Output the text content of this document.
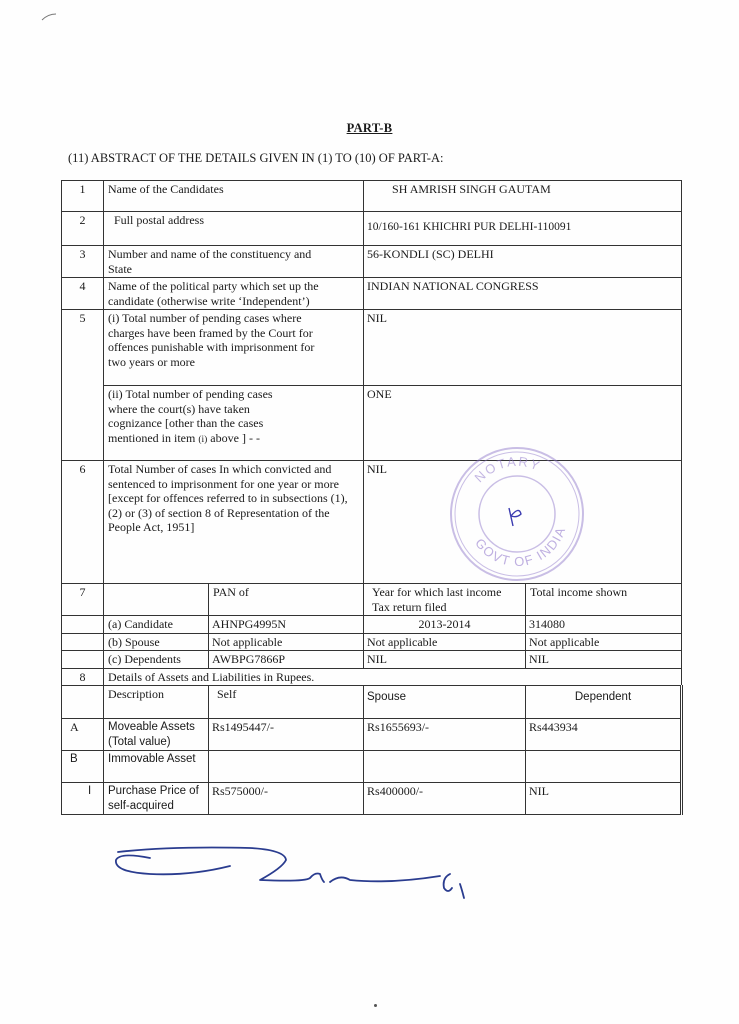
PART-B
(11) ABSTRACT OF THE DETAILS GIVEN IN (1) TO (10) OF PART-A:
1	Name of the Candidates		SH AMRISH SINGH GAUTAM	
2	Full postal address		10/160-161 KHICHRI PUR DELHI-110091	
3	Number and name of the constituency and State		56-KONDLI (SC) DELHI	
4	Name of the political party which set up the candidate (otherwise write ‘Independent’)		INDIAN NATIONAL CONGRESS	
5	(i) Total number of pending cases where charges have been framed by the Court for offences punishable with imprisonment for two years or more		NIL	
	(ii) Total number of pending cases where the court(s) have taken cognizance [other than the cases mentioned in item (i) above ] - -		ONE	
6	Total Number of cases In which convicted and sentenced to imprisonment for one year or more [except for offences referred to in subsections (1), (2) or (3) of section 8 of Representation of the People Act, 1951]		NIL	
7		PAN of	Year for which last income Tax return filed	Total income shown
	(a) Candidate	AHNPG4995N	2013-2014	314080
	(b) Spouse	Not applicable	Not applicable	Not applicable
	(c) Dependents	AWBPG7866P	NIL	NIL
8	Details of Assets and Liabilities in Rupees.			
	Description	Self	Spouse	Dependent
A	Moveable Assets (Total value)	Rs1495447/-	Rs1655693/-	Rs443934
B	Immovable Asset			
I	Purchase Price of self-acquired	Rs575000/-	Rs400000/-	NIL
NOTARY
GOVT OF INDIA
